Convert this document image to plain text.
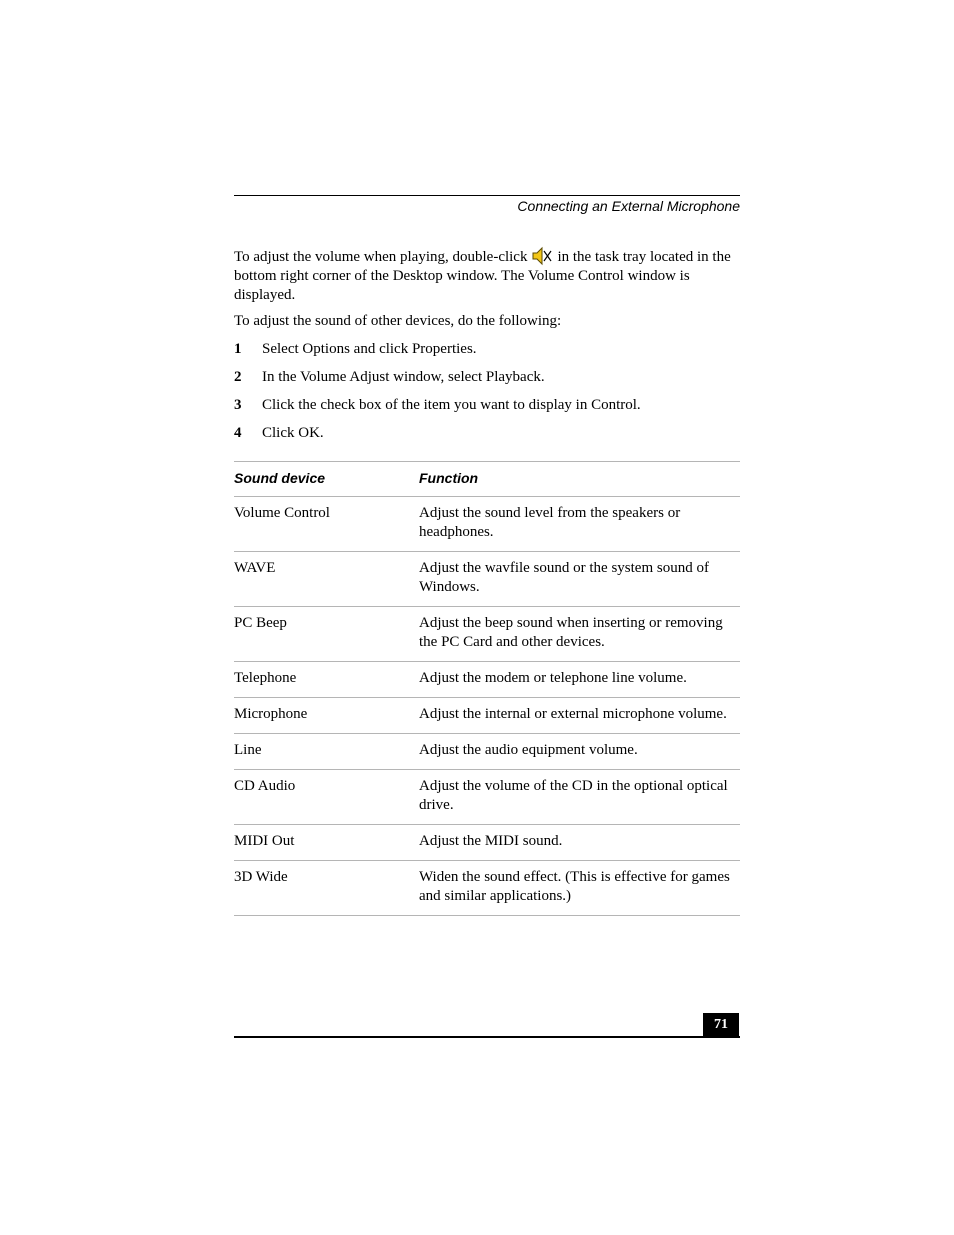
Connecting an External Microphone
To adjust the volume when playing, double-click in the task tray located in the bottom right corner of the Desktop window. The Volume Control window is displayed.
To adjust the sound of other devices, do the following:
1	Select Options and click Properties.
2	In the Volume Adjust window, select Playback.
3	Click the check box of the item you want to display in Control.
4	Click OK.
Sound device	Function
Volume Control	Adjust the sound level from the speakers or headphones.
WAVE	Adjust the wavfile sound or the system sound of Windows.
PC Beep	Adjust the beep sound when inserting or removing the PC Card and other devices.
Telephone	Adjust the modem or telephone line volume.
Microphone	Adjust the internal or external microphone volume.
Line	Adjust the audio equipment volume.
CD Audio	Adjust the volume of the CD in the optional optical drive.
MIDI Out	Adjust the MIDI sound.
3D Wide	Widen the sound effect. (This is effective for games and similar applications.)
71
